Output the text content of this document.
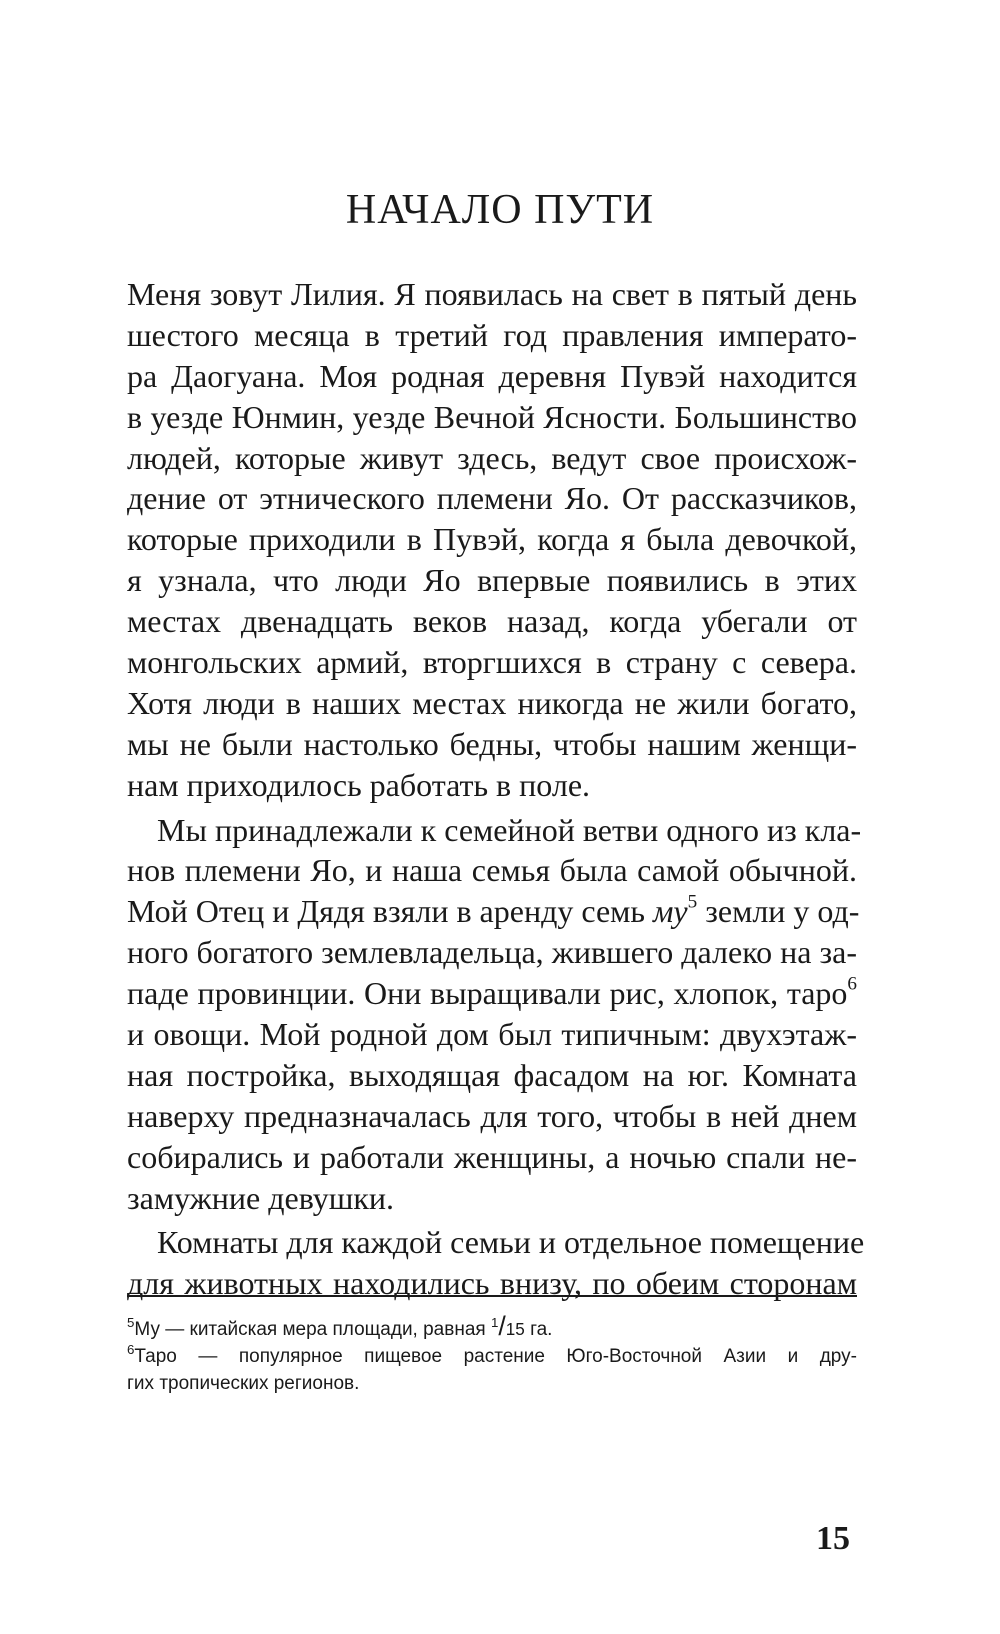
НАЧАЛО ПУТИ
Меня зовут Лилия. Я появилась на свет в пятый день
шестого месяца в третий год правления императо-
ра Даогуана. Моя родная деревня Пувэй находится
в уезде Юнмин, уезде Вечной Ясности. Большинство
людей, которые живут здесь, ведут свое происхож-
дение от этнического племени Яо. От рассказчиков,
которые приходили в Пувэй, когда я была девочкой,
я узнала, что люди Яо впервые появились в этих
местах двенадцать веков назад, когда убегали от
монгольских армий, вторгшихся в страну с севера.
Хотя люди в наших местах никогда не жили богато,
мы не были настолько бедны, чтобы нашим женщи-
нам приходилось работать в поле.
Мы принадлежали к семейной ветви одного из кла-
нов племени Яо, и наша семья была самой обычной.
Мой Отец и Дядя взяли в аренду семь $му^5$ земли у од-
ного богатого землевладельца, жившего далеко на за-
паде провинции. Они выращивали рис, хлопок, таро$^6$
и овощи. Мой родной дом был типичным: двухэтаж-
ная постройка, выходящая фасадом на юг. Комната
наверху предназначалась для того, чтобы в ней днем
собирались и работали женщины, а ночью спали не-
замужние девушки.
Комнаты для каждой семьи и отдельное помещение
для животных находились внизу, по обеим сторонам
$^5$Му — китайская мера площади, равная $^1$/15 га.
$^6$Таро — популярное пищевое растение Юго-Восточной Азии и дру-
гих тропических регионов.
15
